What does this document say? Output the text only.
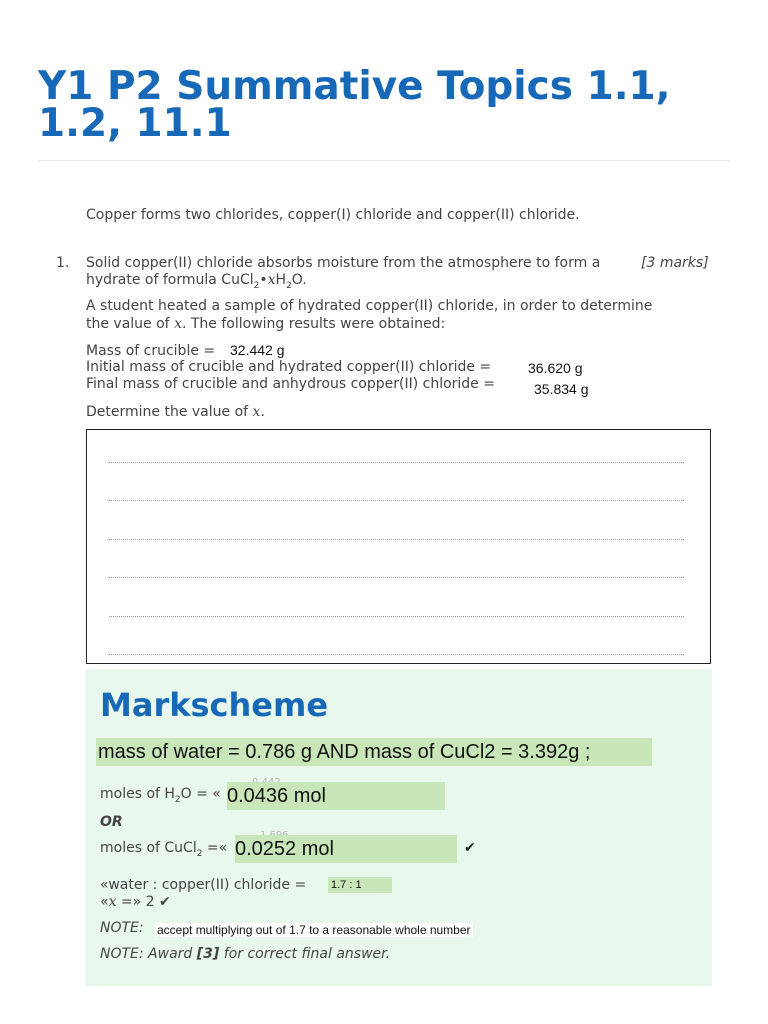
Y1 P2 Summative Topics 1.1, 1.2, 11.1
Copper forms two chlorides, copper(I) chloride and copper(II) chloride.
1. Solid copper(II) chloride absorbs moisture from the atmosphere to form a	[3 marks]
hydrate of formula $CuCl_2•xH_2O$.
A student heated a sample of hydrated copper(II) chloride, in order to determine
the value of x. The following results were obtained:
Mass of crucible = 32.442 g
Initial mass of crucible and hydrated copper(II) chloride =	36.620 g
Final mass of crucible and anhydrous copper(II) chloride =	35.834 g
Determine the value of x.
Markscheme
mass of water = 0.786 g AND mass of CuCl2 = 3.392g ;
moles of $H_2O$ = « 0.0436 mol
OR
moles of CuCl$_2$ =« 0.0252 mol	✔
«water : copper(II) chloride = 1.7 : 1
«x =» 2 ✔
NOTE: accept multiplying out of 1.7 to a reasonable whole number
NOTE: Award [3] for correct final answer.
